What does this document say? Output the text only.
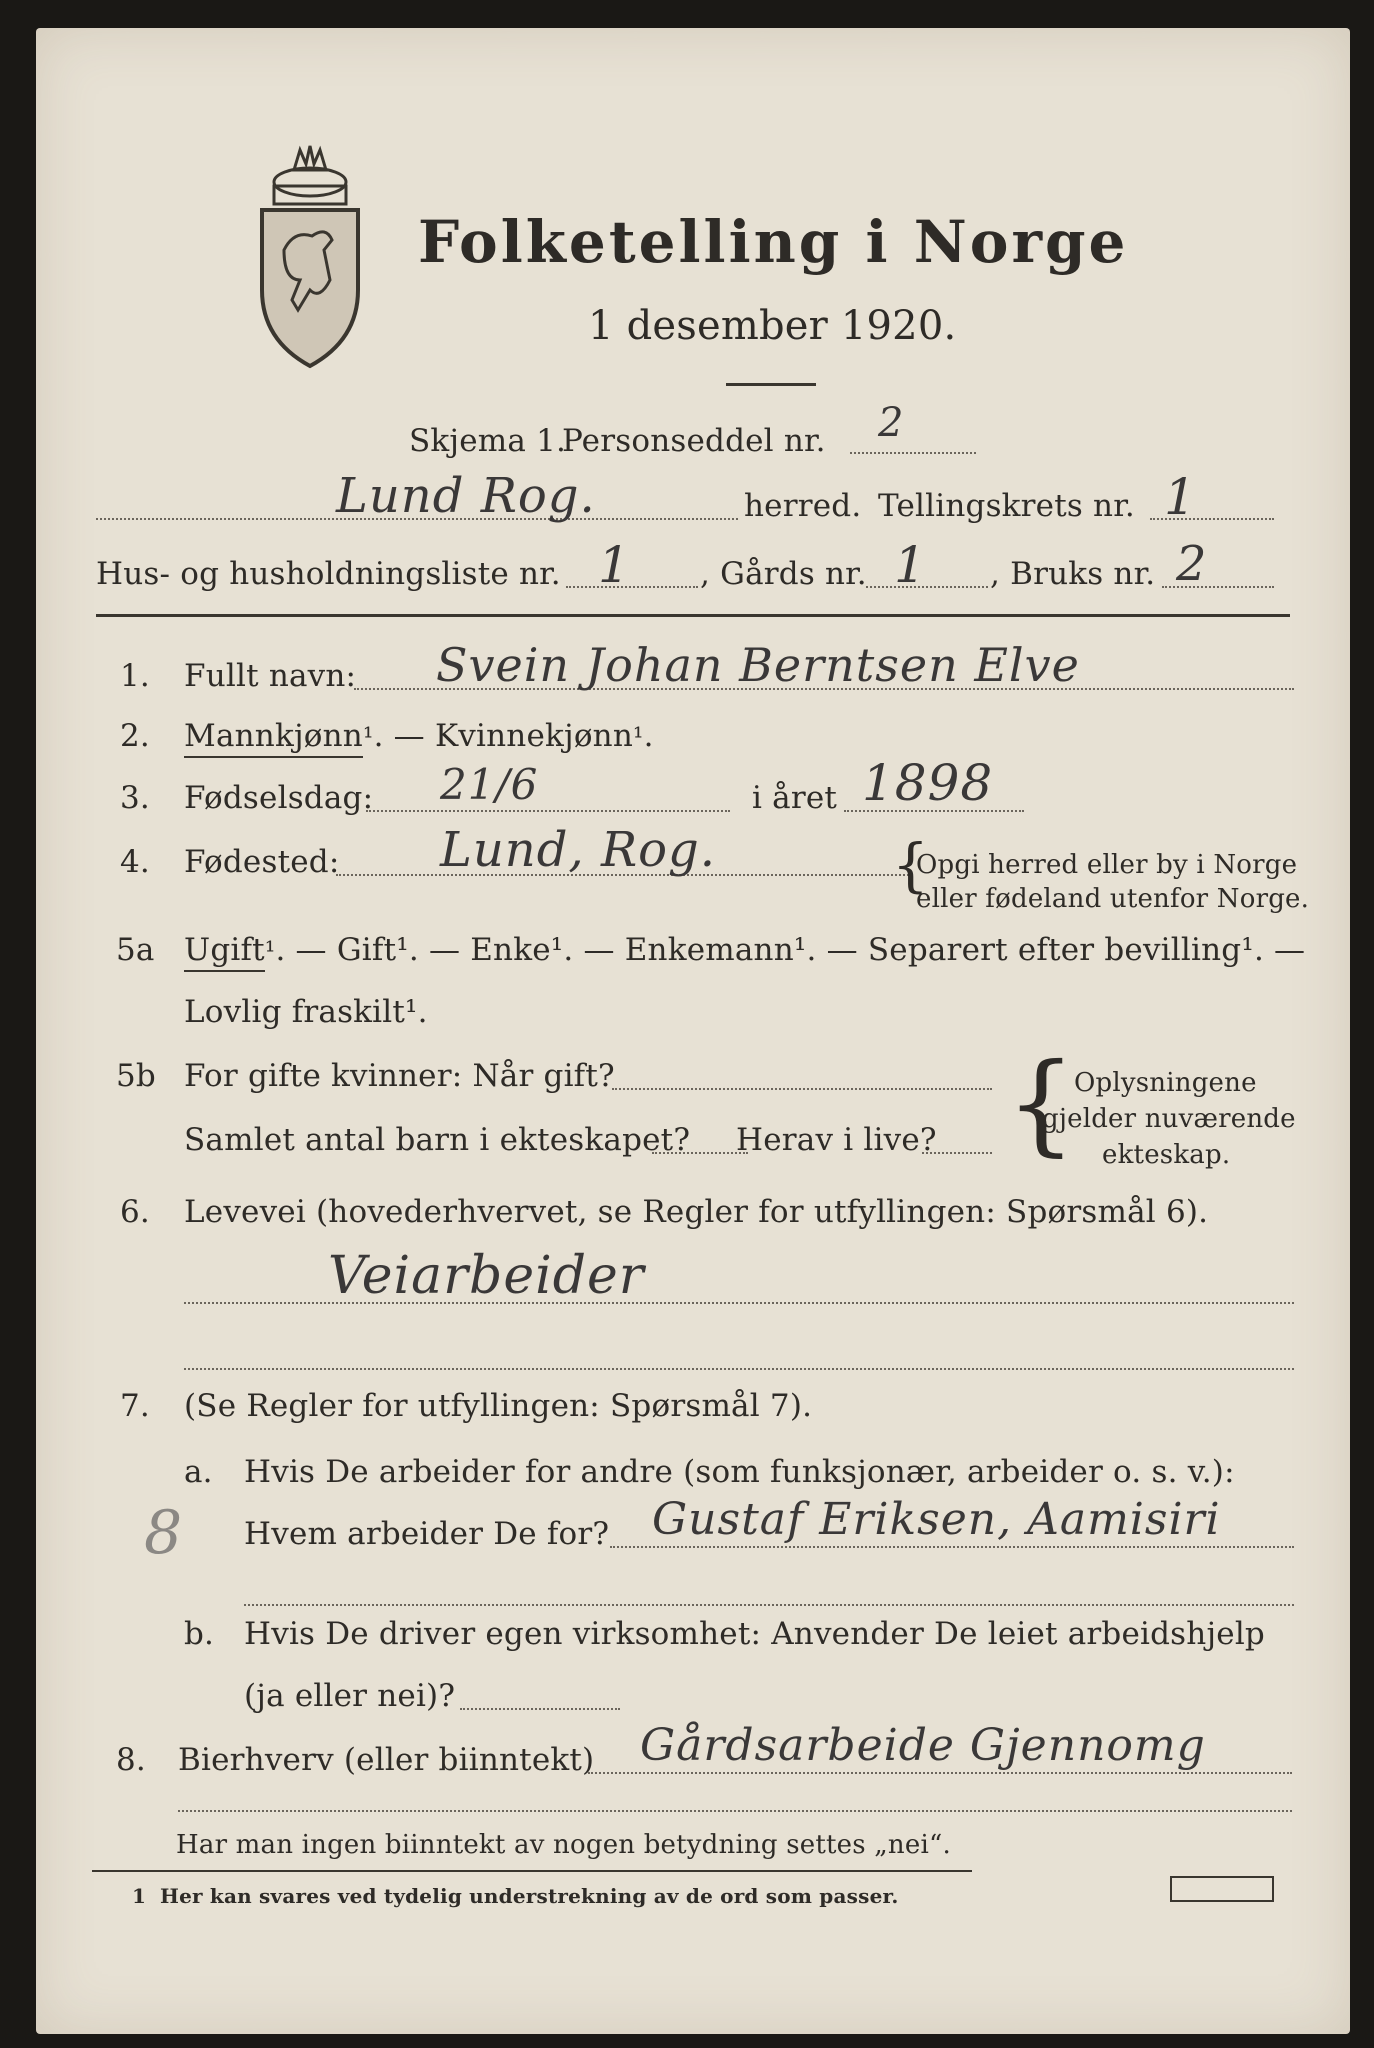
Folketelling i Norge
1 desember 1920.
Skjema 1.
Personseddel nr. 2
Lund Rog.	herred. Tellingskrets nr. 1
Hus- og husholdningsliste nr. 1 , Gårds nr. 1 , Bruks nr. 2
1. Fullt navn: Svein Johan Berntsen Elve
2. Mannkjønn¹. — Kvinnekjønn¹.
3. Fødselsdag: 21/6	i året 1898
4. Fødested: Lund, Rog.	{
Opgi herred eller by i Norge
eller fødeland utenfor Norge.
5a Ugift¹. — Gift¹. — Enke¹. — Enkemann¹. — Separert efter bevilling¹. —
Lovlig fraskilt¹.
5b For gifte kvinner: Når gift?
Samlet antal barn i ekteskapet? Herav i live? {
Oplysningene
gjelder nuværende
ekteskap.
6. Levevei (hovederhvervet, se Regler for utfyllingen: Spørsmål 6).
Veiarbeider
7. (Se Regler for utfyllingen: Spørsmål 7).
a. Hvis De arbeider for andre (som funksjonær, arbeider o. s. v.):
8 Hvem arbeider De for? Gustaf Eriksen, Aamisiri
b. Hvis De driver egen virksomhet: Anvender De leiet arbeidshjelp
(ja eller nei)?
8. Bierhverv (eller biinntekt) Gårdsarbeide Gjennomg
Har man ingen biinntekt av nogen betydning settes „nei“.
1 Her kan svares ved tydelig understrekning av de ord som passer.
